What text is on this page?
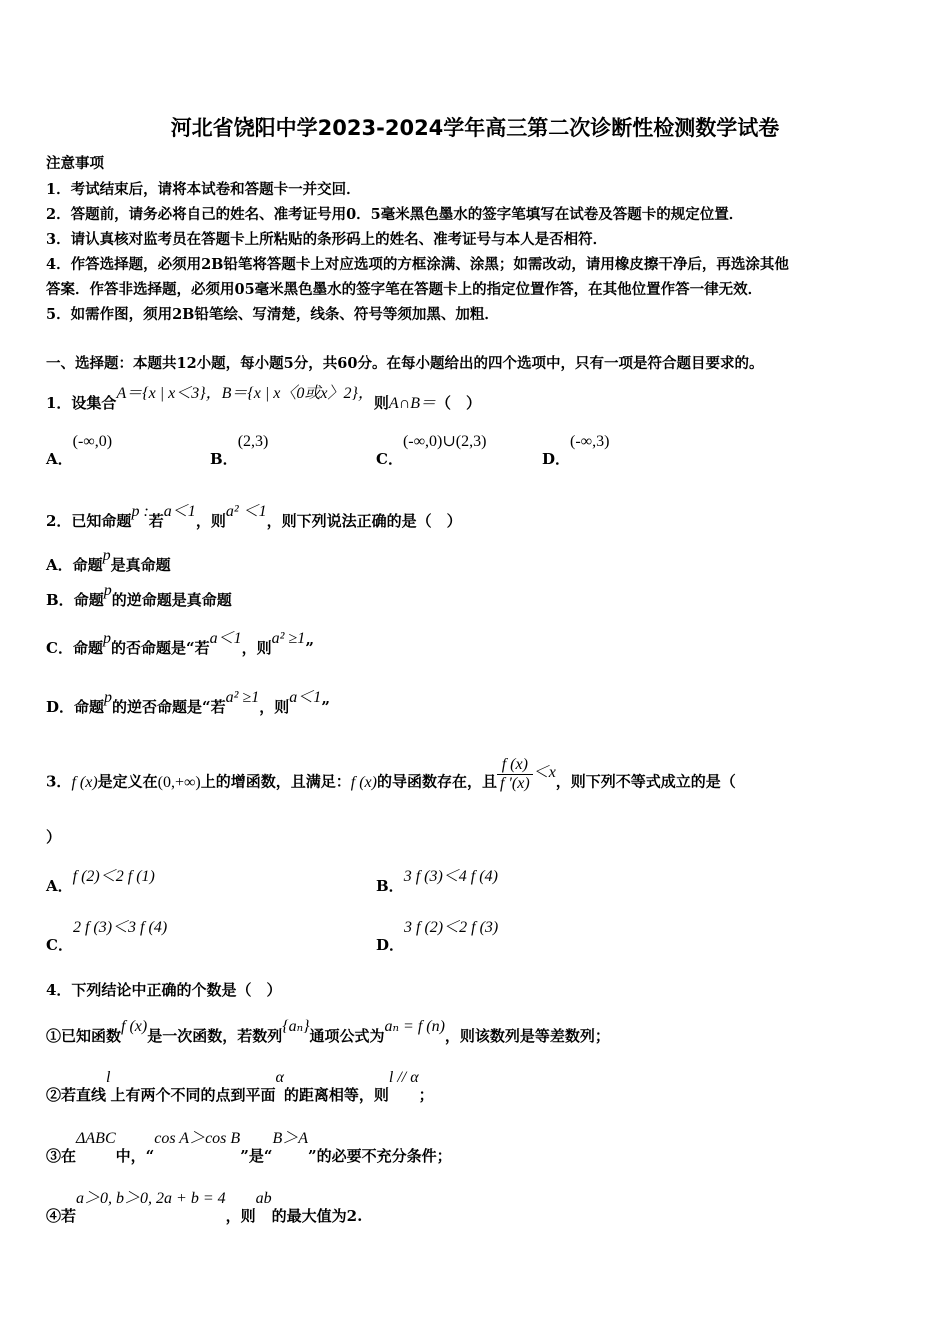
河北省饶阳中学2023-2024学年高三第二次诊断性检测数学试卷
注意事项
1．考试结束后，请将本试卷和答题卡一并交回．
2．答题前，请务必将自己的姓名、准考证号用0．5毫米黑色墨水的签字笔填写在试卷及答题卡的规定位置．
3．请认真核对监考员在答题卡上所粘贴的条形码上的姓名、准考证号与本人是否相符．
4．作答选择题，必须用2B铅笔将答题卡上对应选项的方框涂满、涂黑；如需改动，请用橡皮擦干净后，再选涂其他
答案．作答非选择题，必须用05毫米黑色墨水的签字笔在答题卡上的指定位置作答，在其他位置作答一律无效．
5．如需作图，须用2B铅笔绘、写清楚，线条、符号等须加黑、加粗．
一、选择题：本题共12小题，每小题5分，共60分。在每小题给出的四个选项中，只有一项是符合题目要求的。
1．设集合A＝{x | x＜3}，B＝{x | x〈0或x〉2}，则A∩B＝（　）
A．(-∞,0)
B．(2,3)
C．(-∞,0)∪(2,3)
D．(-∞,3)
2．已知命题p :若a＜1，则a² ＜1，则下列说法正确的是（　）
A．命题p是真命题
B．命题p的逆命题是真命题
C．命题p的否命题是“若a＜1，则a² ≥1”
D．命题p的逆否命题是“若a² ≥1，则a＜1”
3．f (x)是定义在(0,+∞)上的增函数，且满足：f (x)的导函数存在，且 $\frac{f (x)}{f '(x)} <x$，则下列不等式成立的是（
）
A．f (2)＜2 f (1)
B．3 f (3)＜4 f (4)
C．2 f (3)＜3 f (4)
D．3 f (2)＜2 f (3)
4．下列结论中正确的个数是（　）
①已知函数f (x)是一次函数，若数列{aₙ}通项公式为aₙ = f (n)，则该数列是等差数列；
②若直线l上有两个不同的点到平面α的距离相等，则l // α；
③在ΔABC中，“cos A＞cos B”是“B＞A”的必要不充分条件；
④若a＞0, b＞0, 2a + b = 4，则ab的最大值为2.
